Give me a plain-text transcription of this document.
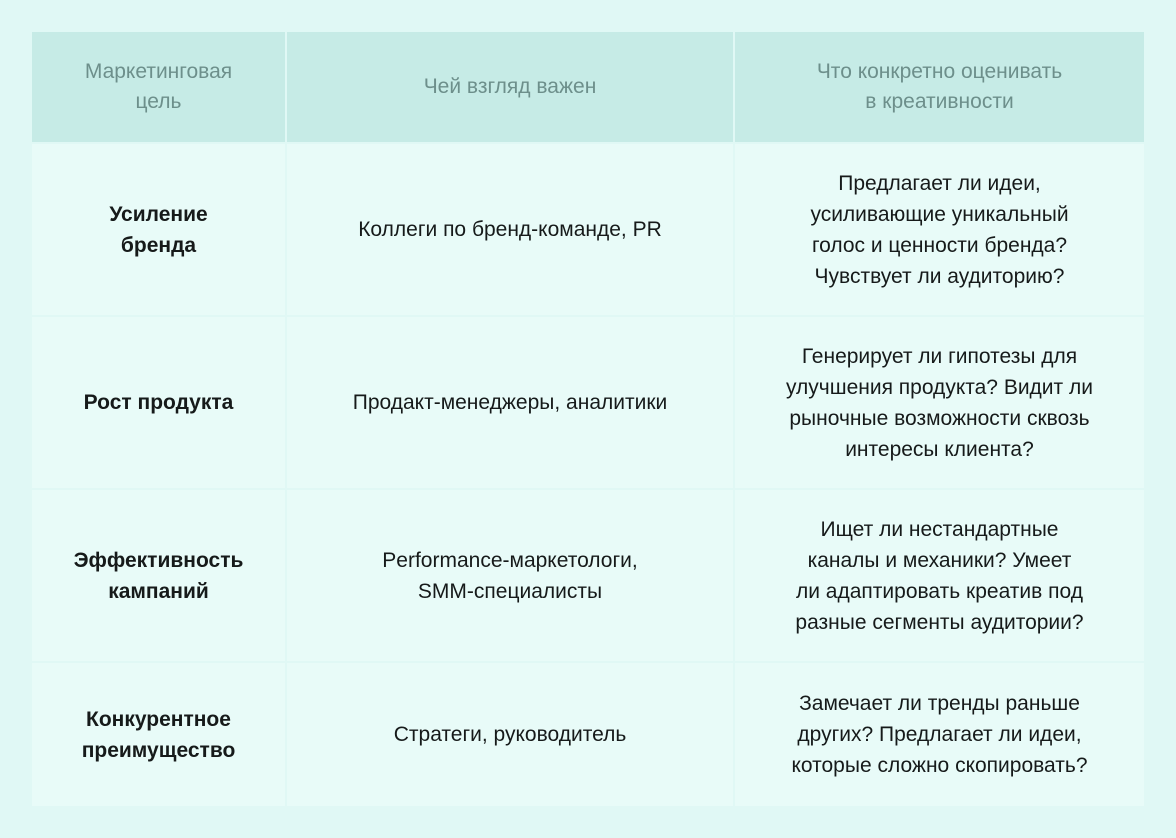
Маркетинговая
цель
Чей взгляд важен
Что конкретно оценивать
в креативности
Усиление
бренда
Коллеги по бренд-команде, PR
Предлагает ли идеи,
усиливающие уникальный
голос и ценности бренда?
Чувствует ли аудиторию?
Рост продукта	Продакт-менеджеры, аналитики
Генерирует ли гипотезы для
улучшения продукта? Видит ли
рыночные возможности сквозь
интересы клиента?
Эффективность
кампаний
Performance-маркетологи,
SMM-специалисты
Ищет ли нестандартные
каналы и механики? Умеет
ли адаптировать креатив под
разные сегменты аудитории?
Конкурентное
преимущество
Стратеги, руководитель
Замечает ли тренды раньше
других? Предлагает ли идеи,
которые сложно скопировать?
